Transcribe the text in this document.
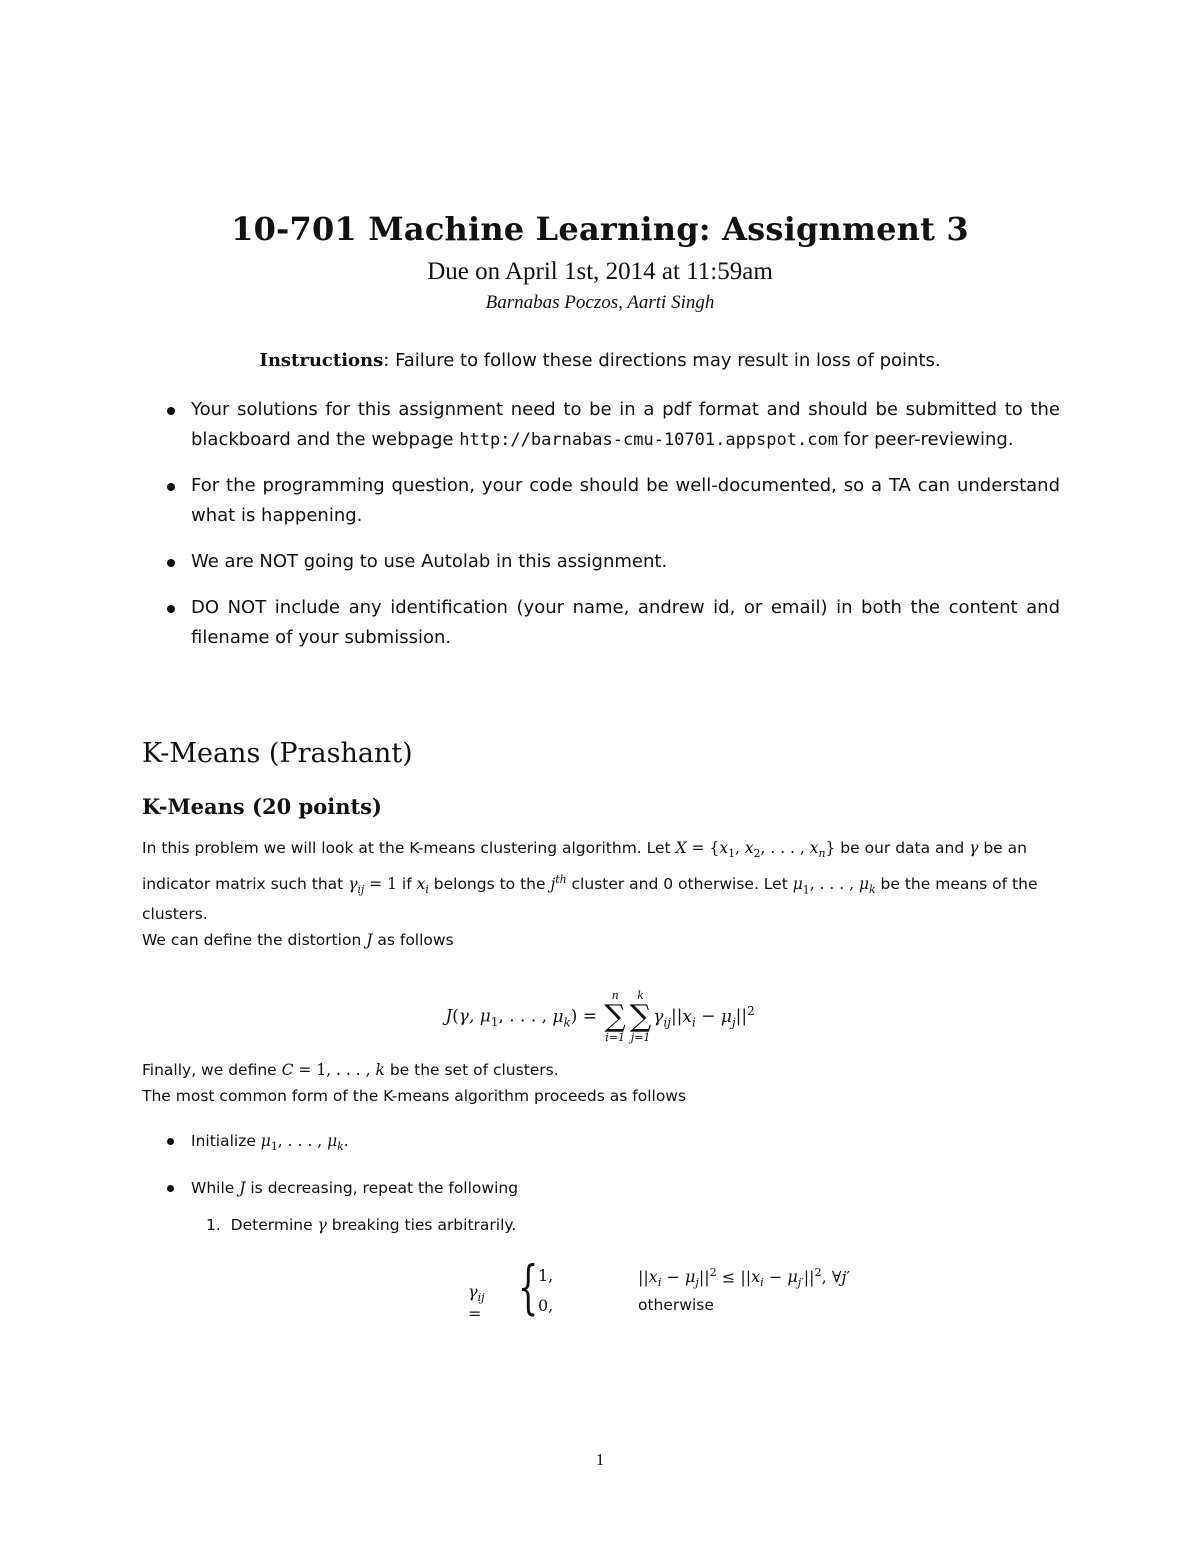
10-701 Machine Learning: Assignment 3
Due on April 1st, 2014 at 11:59am
Barnabas Poczos, Aarti Singh
Instructions: Failure to follow these directions may result in loss of points.
Your solutions for this assignment need to be in a pdf format and should be submitted to the blackboard and the webpage http://barnabas-cmu-10701.appspot.com for peer-reviewing.
For the programming question, your code should be well-documented, so a TA can understand what is happening.
We are NOT going to use Autolab in this assignment.
DO NOT include any identification (your name, andrew id, or email) in both the content and filename of your submission.
K-Means (Prashant)
K-Means (20 points)

In this problem we will look at the K-means clustering algorithm. Let $X = \{x_1$, $x_2$, . . . , $x_n$} be our data and γ be an indicator matrix such that $\gamma_{ij} = 1$ if $x_i$ belongs to the $j^{th}$ cluster and 0 otherwise. Let $\mu_1$, . . . , $\mu_k$ be the means of the clusters.

We can define the distortion J as follows

J(γ, $\mu_1$, . . . , $\mu_k$) =
n
∑
i=1
k
∑
j=1
$\gamma_{ij}||x_i - \mu_j||^2$

Finally, we define C = 1, . . . , k be the set of clusters.

The most common form of the K-means algorithm proceeds as follows

Initialize $\mu_1$, . . . , $\mu_k$.
While J is decreasing, repeat the following
1. Determine γ breaking ties arbitrarily.
$\gamma_{ij}$ = { 1,	$||x_i - \mu_j||^2 \le ||x_i - \mu_{j'}||^2$, ∀j′
0,	otherwise
1
